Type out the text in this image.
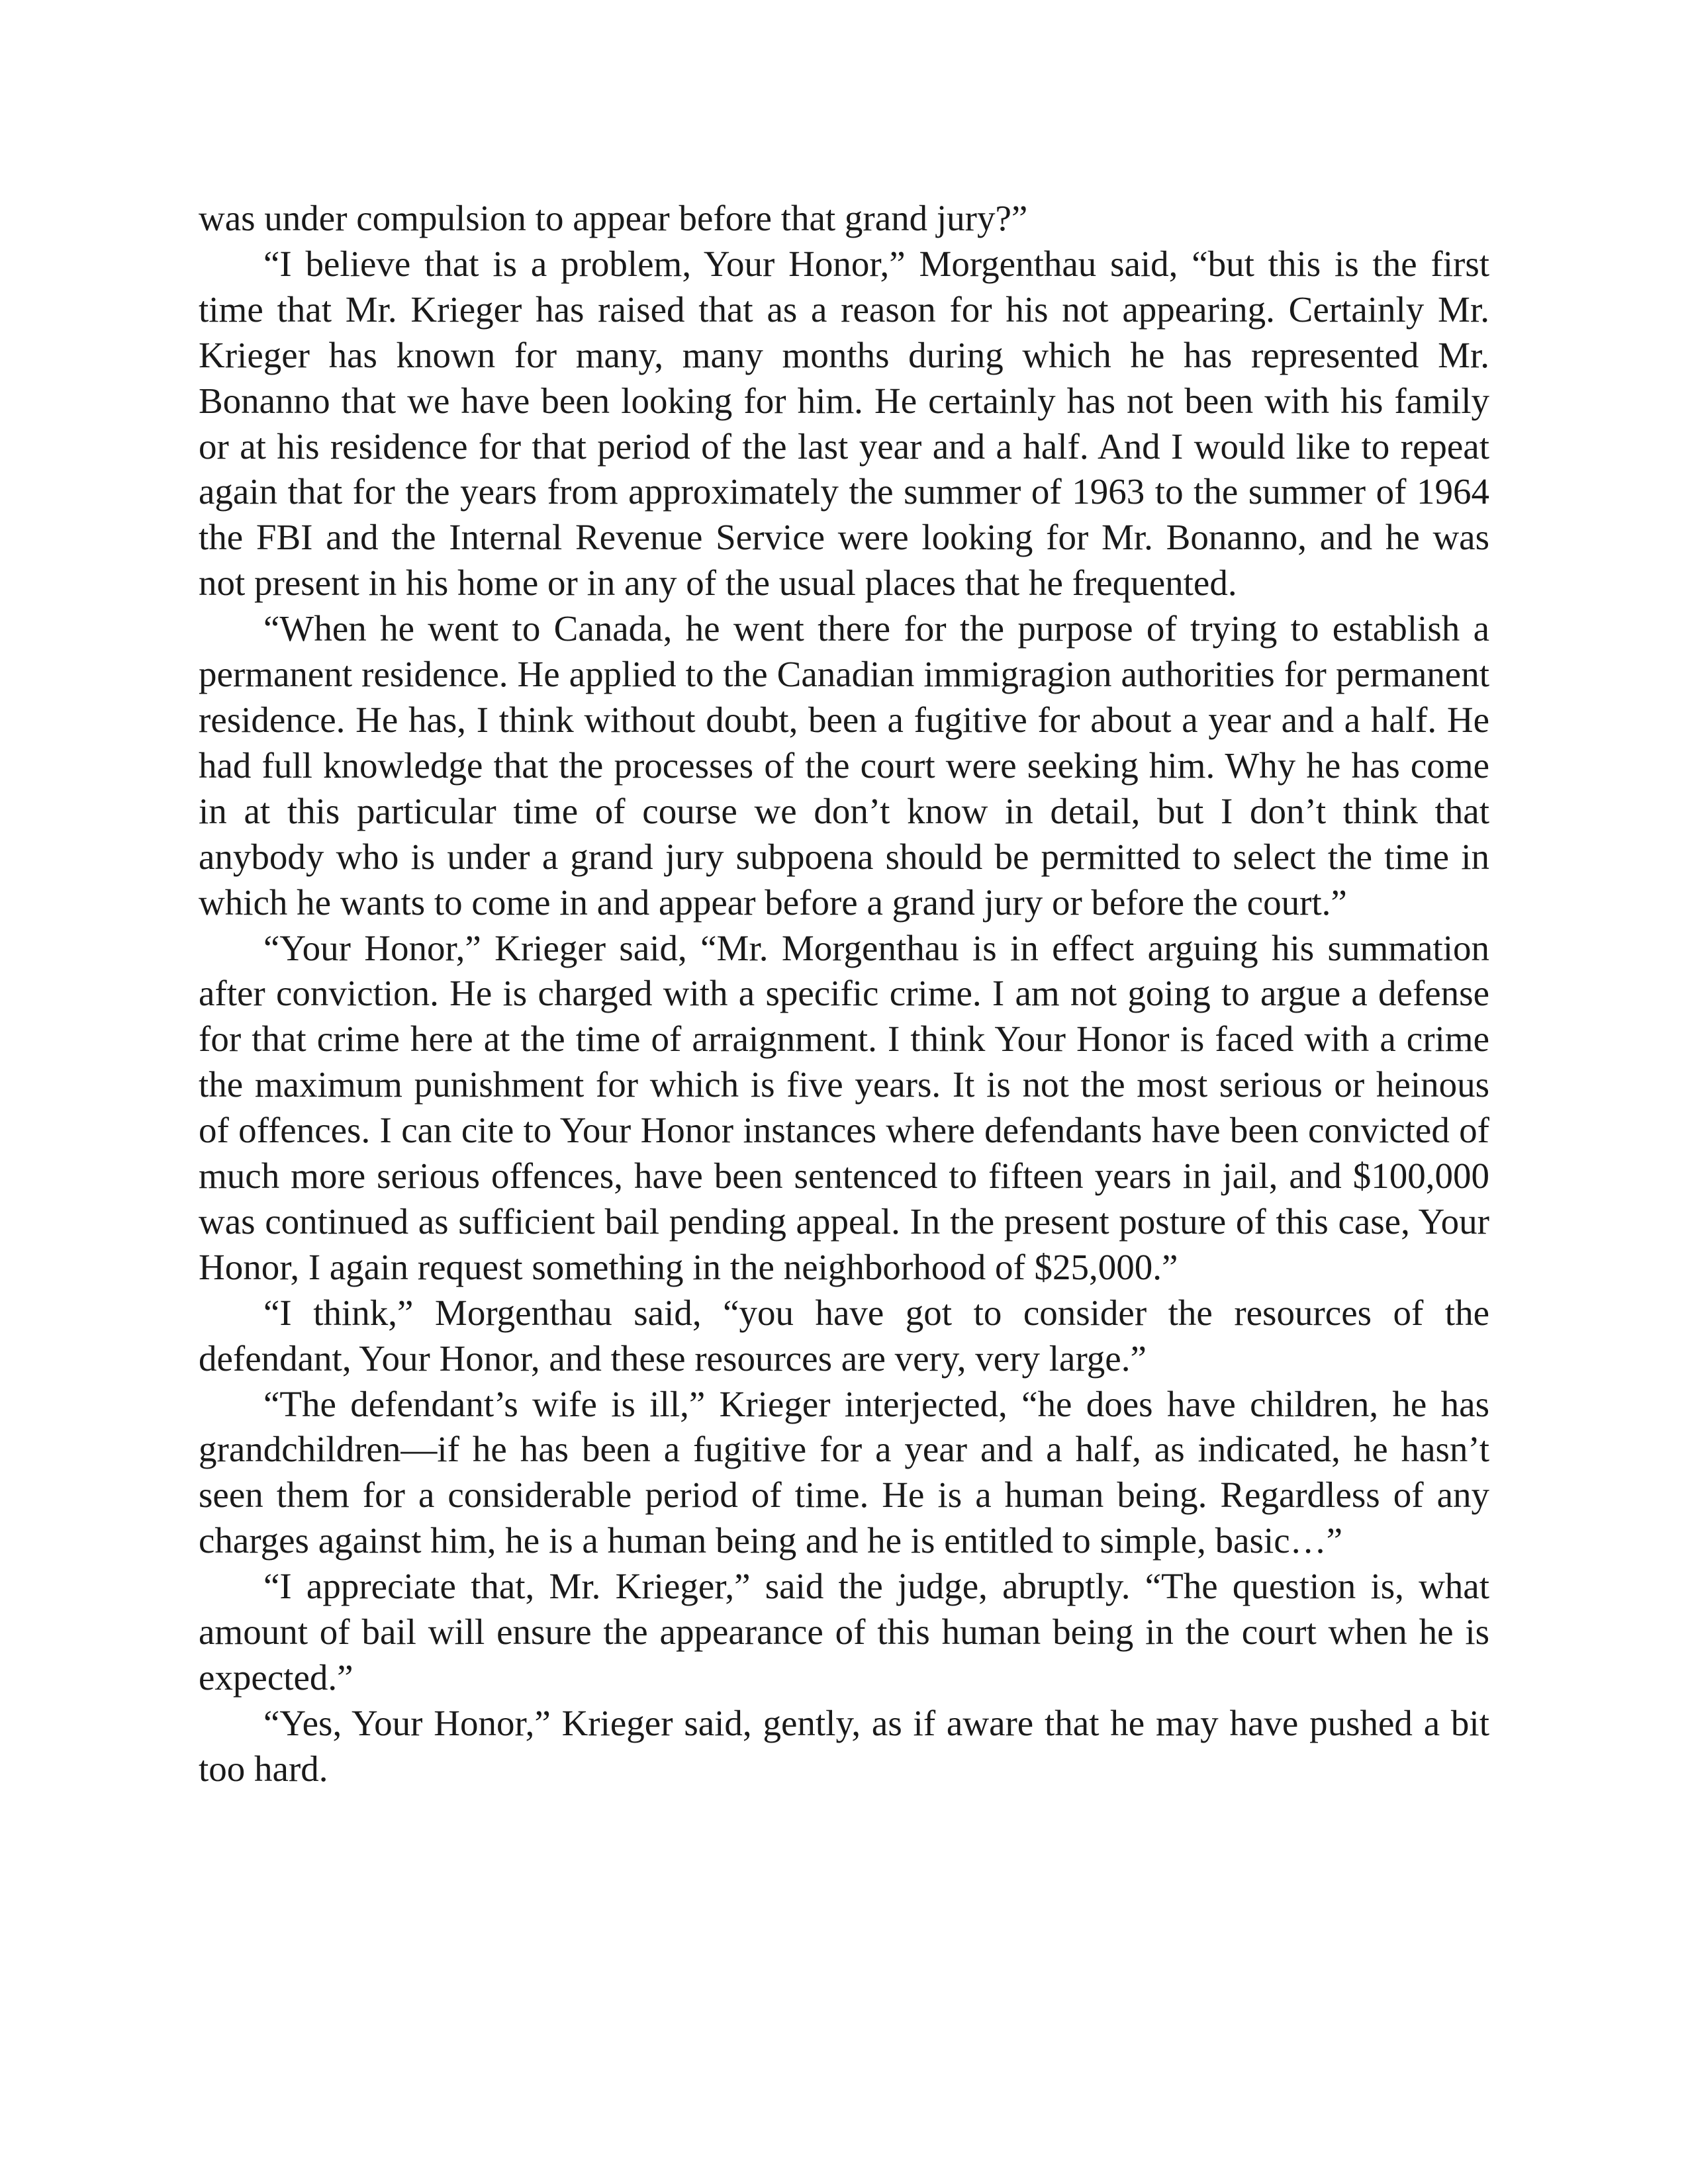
was under compulsion to appear before that grand jury?”

“I believe that is a problem, Your Honor,” Morgenthau said, “but this is the first time that Mr. Krieger has raised that as a reason for his not appearing. Certainly Mr. Krieger has known for many, many months during which he has represented Mr. Bonanno that we have been looking for him. He certainly has not been with his family or at his residence for that period of the last year and a half. And I would like to repeat again that for the years from approximately the summer of 1963 to the summer of 1964 the FBI and the Internal Revenue Service were looking for Mr. Bonanno, and he was not present in his home or in any of the usual places that he frequented.

“When he went to Canada, he went there for the purpose of trying to establish a permanent residence. He applied to the Canadian immigragion authorities for permanent residence. He has, I think without doubt, been a fugitive for about a year and a half. He had full knowledge that the processes of the court were seeking him. Why he has come in at this particular time of course we don’t know in detail, but I don’t think that anybody who is under a grand jury subpoena should be permitted to select the time in which he wants to come in and appear before a grand jury or before the court.”

“Your Honor,” Krieger said, “Mr. Morgenthau is in effect arguing his summation after conviction. He is charged with a specific crime. I am not going to argue a defense for that crime here at the time of arraignment. I think Your Honor is faced with a crime the maximum punishment for which is five years. It is not the most serious or heinous of offences. I can cite to Your Honor instances where defendants have been convicted of much more serious offences, have been sentenced to fifteen years in jail, and $100,000 was continued as sufficient bail pending appeal. In the present posture of this case, Your Honor, I again request something in the neighborhood of $25,000.”

“I think,” Morgenthau said, “you have got to consider the resources of the defendant, Your Honor, and these resources are very, very large.”

“The defendant’s wife is ill,” Krieger interjected, “he does have children, he has grandchildren—if he has been a fugitive for a year and a half, as indicated, he hasn’t seen them for a considerable period of time. He is a human being. Regardless of any charges against him, he is a human being and he is entitled to simple, basic…”

“I appreciate that, Mr. Krieger,” said the judge, abruptly. “The question is, what amount of bail will ensure the appearance of this human being in the court when he is expected.”

“Yes, Your Honor,” Krieger said, gently, as if aware that he may have pushed a bit too hard.
